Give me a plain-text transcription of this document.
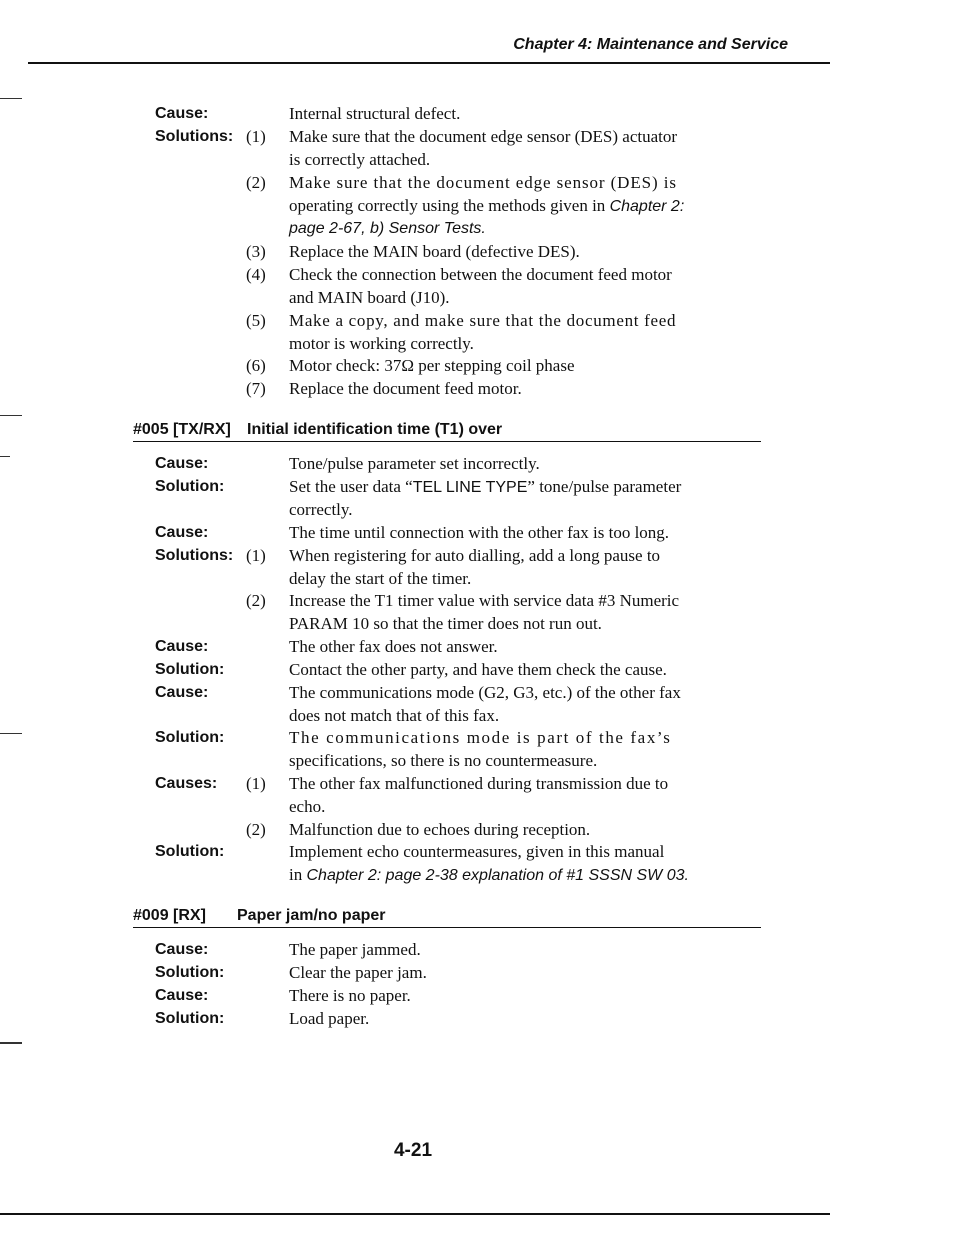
Chapter 4: Maintenance and Service
Cause:	Internal structural defect.
Solutions: (1) Make sure that the document edge sensor (DES) actuator
is correctly attached.
(2) Make sure that the document edge sensor (DES) is
operating correctly using the methods given in Chapter 2:
page 2-67, b) Sensor Tests.
(3) Replace the MAIN board (defective DES).
(4) Check the connection between the document feed motor
and MAIN board (J10).
(5) Make a copy, and make sure that the document feed
motor is working correctly.
(6) Motor check: 37Ω per stepping coil phase
(7) Replace the document feed motor.
#005 [TX/RX] Initial identification time (T1) over

Cause:	Tone/pulse parameter set incorrectly.
Solution:	Set the user data “TEL LINE TYPE” tone/pulse parameter
correctly.
Cause:	The time until connection with the other fax is too long.
Solutions: (1) When registering for auto dialling, add a long pause to
delay the start of the timer.
(2) Increase the T1 timer value with service data #3 Numeric
PARAM 10 so that the timer does not run out.
Cause:	The other fax does not answer.
Solution:	Contact the other party, and have them check the cause.
Cause:	The communications mode (G2, G3, etc.) of the other fax
does not match that of this fax.
Solution:	The communications mode is part of the fax’s
specifications, so there is no countermeasure.
Causes: (1) The other fax malfunctioned during transmission due to
echo.
(2) Malfunction due to echoes during reception.
Solution:	Implement echo countermeasures, given in this manual
in Chapter 2: page 2-38 explanation of #1 SSSN SW 03.
#009 [RX] Paper jam/no paper

Cause:	The paper jammed.
Solution:	Clear the paper jam.
Cause:	There is no paper.
Solution:	Load paper.
4-21
